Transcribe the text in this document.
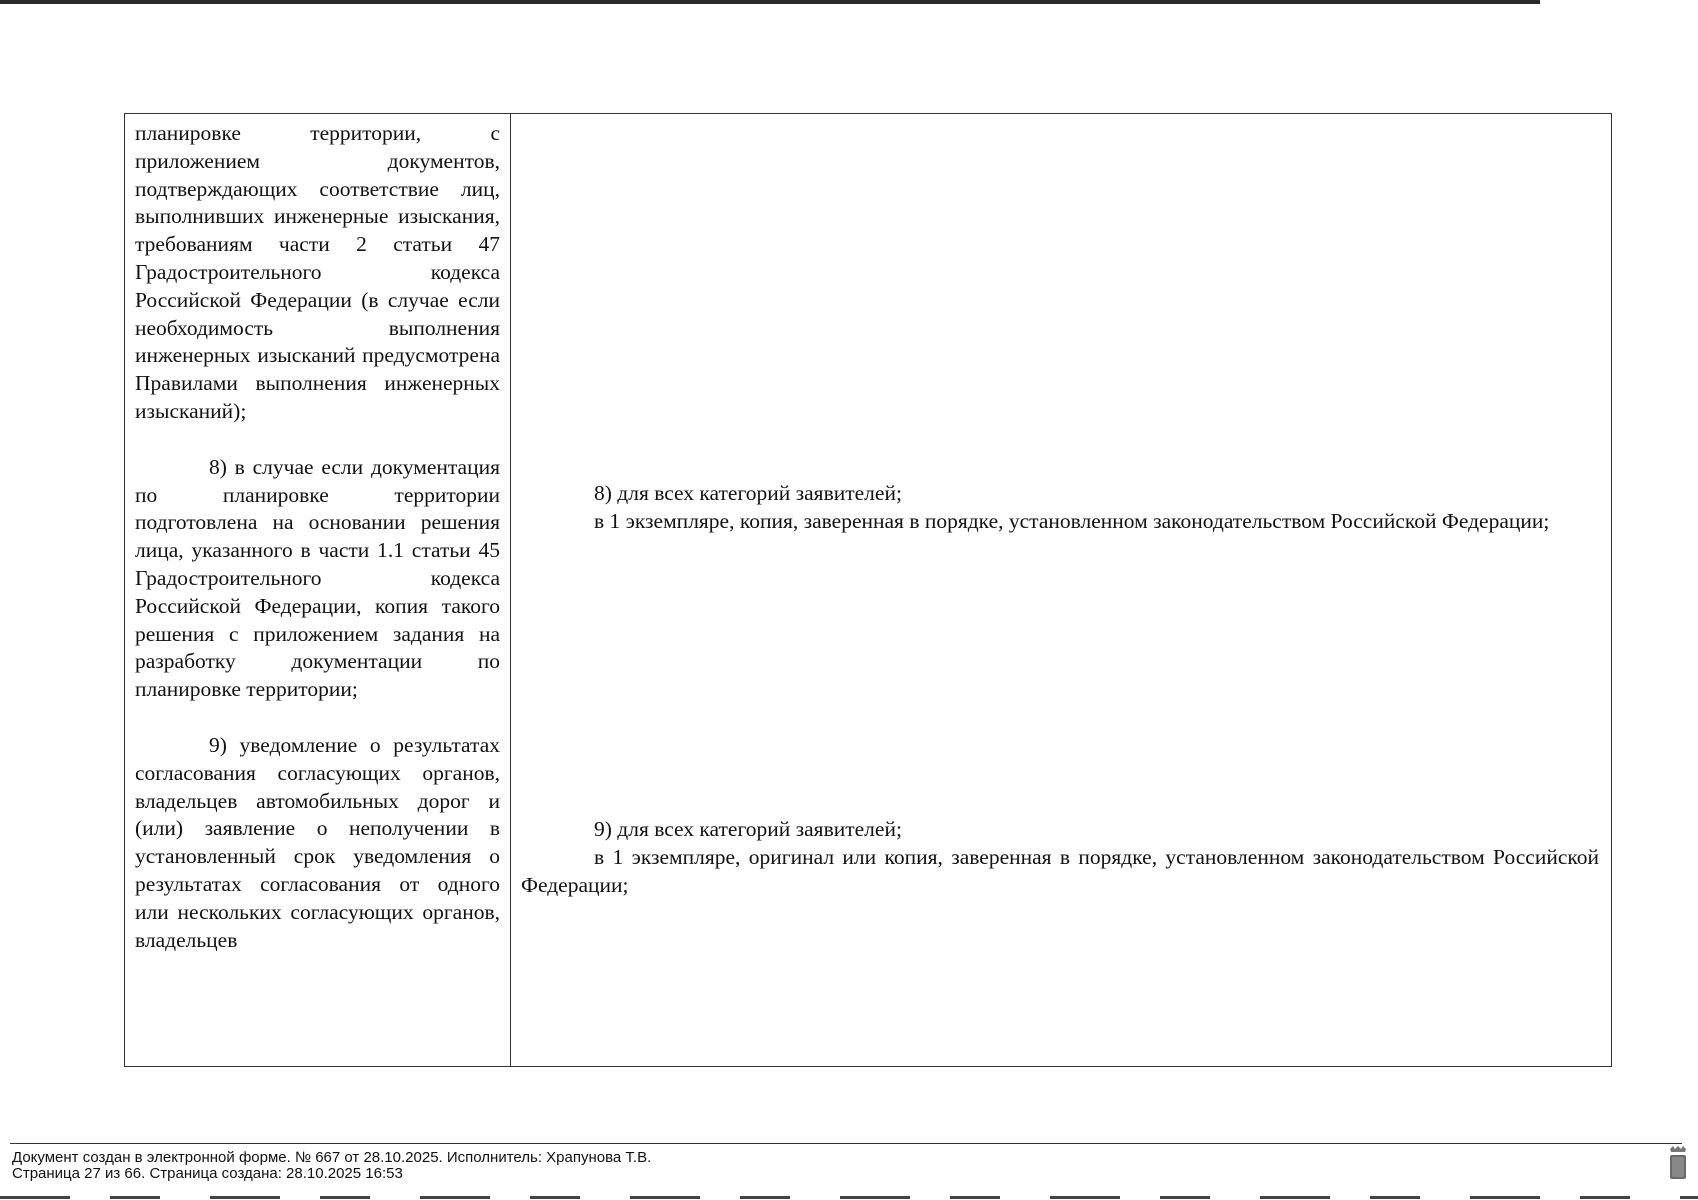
планировке территории, с приложением документов, подтверждающих соответствие лиц, выполнивших инженерные изыскания, требованиям части 2 статьи 47 Градостроительного кодекса Российской Федерации (в случае если необходимость выполнения инженерных изысканий предусмотрена Правилами выполнения инженерных изысканий);

8) в случае если документация по планировке территории подготовлена на основании решения лица, указанного в части 1.1 статьи 45 Градостроительного кодекса Российской Федерации, копия такого решения с приложением задания на разработку документации по планировке территории;

9) уведомление о результатах согласования согласующих органов, владельцев автомобильных дорог и (или) заявление о неполучении в установленный срок уведомления о результатах согласования от одного или нескольких согласующих органов, владельцев

8) для всех категорий заявителей;

в 1 экземпляре, копия, заверенная в порядке, установленном законодательством Российской Федерации;

9) для всех категорий заявителей;

в 1 экземпляре, оригинал или копия, заверенная в порядке, установленном законодательством Российской Федерации;

Документ создан в электронной форме. № 667 от 28.10.2025. Исполнитель: Храпунова Т.В.
Страница 27 из 66. Страница создана: 28.10.2025 16:53
